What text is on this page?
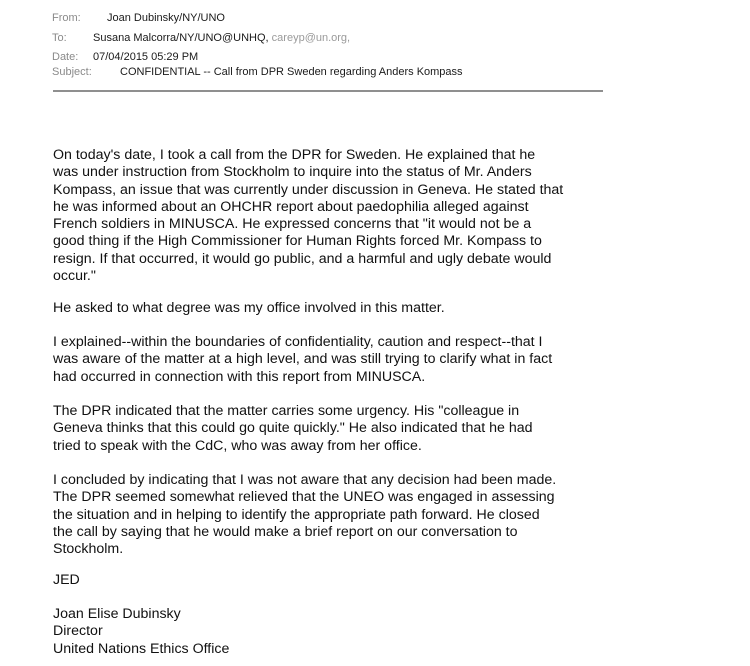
From: Joan Dubinsky/NY/UNO
To: Susana Malcorra/NY/UNO@UNHQ, careyp@un.org,
Date: 07/04/2015 05:29 PM
Subject:	CONFIDENTIAL -- Call from DPR Sweden regarding Anders Kompass

On today's date, I took a call from the DPR for Sweden. He explained that he

was under instruction from Stockholm to inquire into the status of Mr. Anders

Kompass, an issue that was currently under discussion in Geneva. He stated that

he was informed about an OHCHR report about paedophilia alleged against

French soldiers in MINUSCA. He expressed concerns that "it would not be a

good thing if the High Commissioner for Human Rights forced Mr. Kompass to

resign. If that occurred, it would go public, and a harmful and ugly debate would

occur."

He asked to what degree was my office involved in this matter.

I explained--within the boundaries of confidentiality, caution and respect--that I

was aware of the matter at a high level, and was still trying to clarify what in fact

had occurred in connection with this report from MINUSCA.

The DPR indicated that the matter carries some urgency. His "colleague in

Geneva thinks that this could go quite quickly." He also indicated that he had

tried to speak with the CdC, who was away from her office.

I concluded by indicating that I was not aware that any decision had been made.

The DPR seemed somewhat relieved that the UNEO was engaged in assessing

the situation and in helping to identify the appropriate path forward. He closed

the call by saying that he would make a brief report on our conversation to

Stockholm.

JED

Joan Elise Dubinsky

Director

United Nations Ethics Office
